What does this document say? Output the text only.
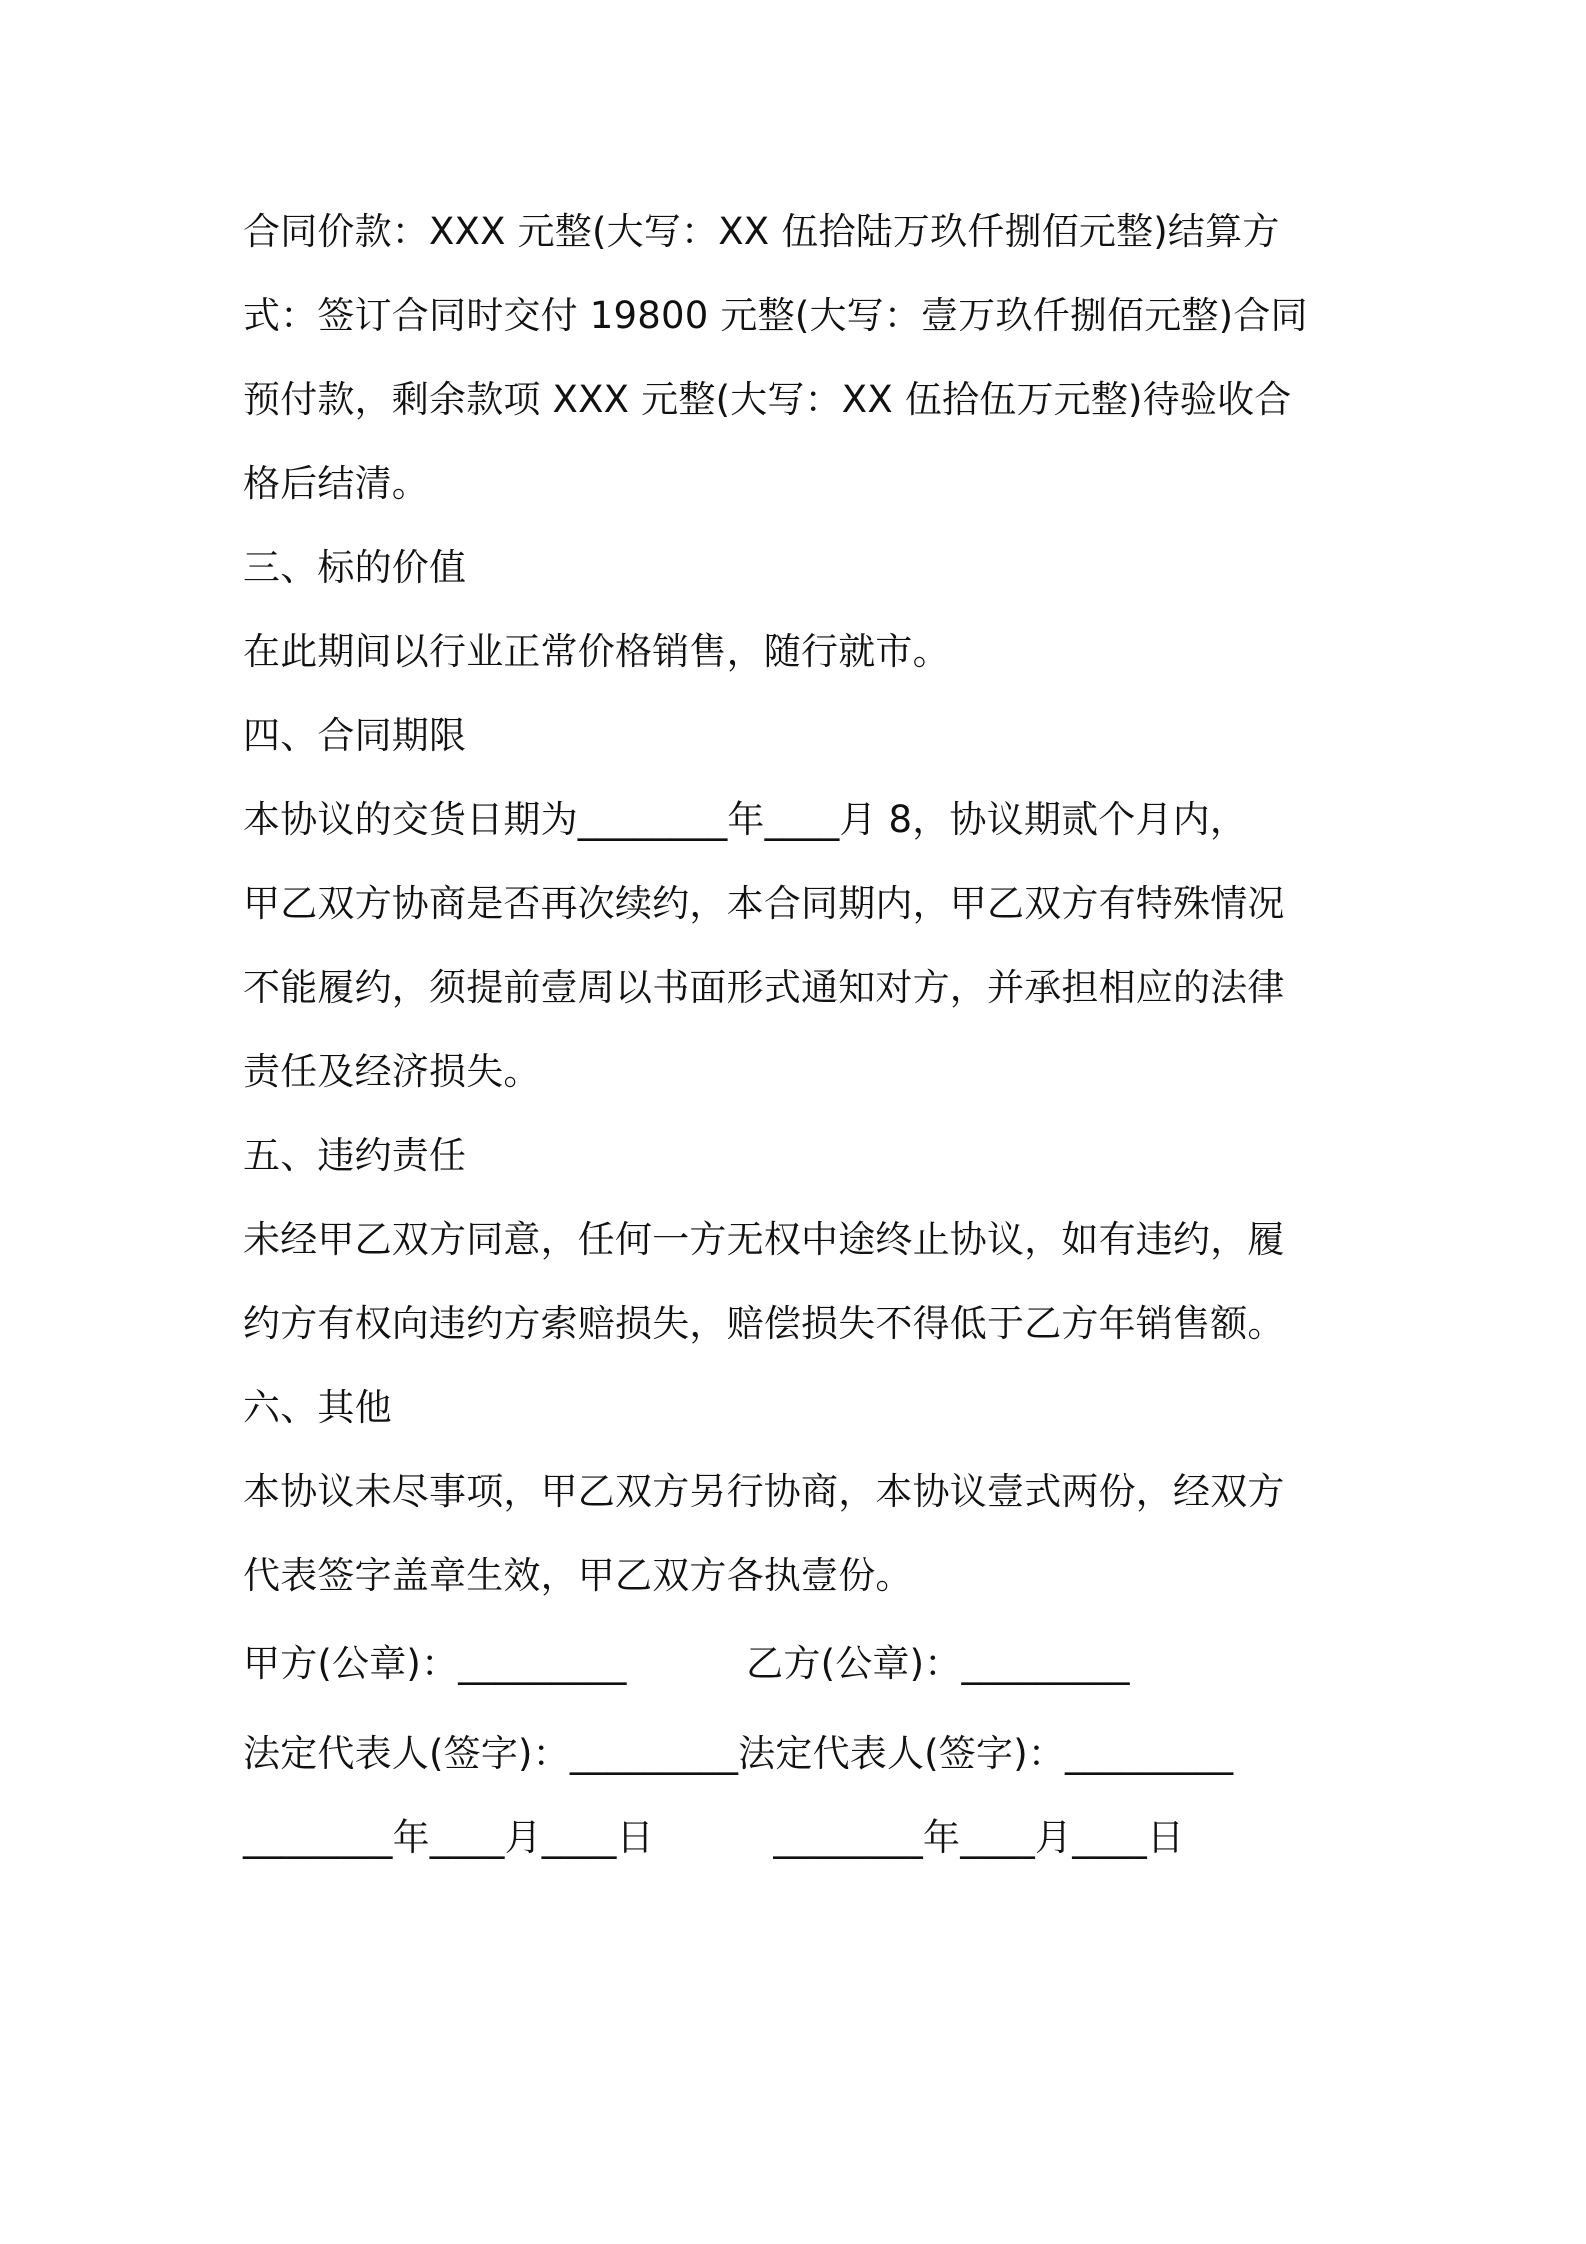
合同价款：XXX 元整(大写：XX 伍拾陆万玖仟捌佰元整)结算方
式：签订合同时交付 19800 元整(大写：壹万玖仟捌佰元整)合同
预付款，剩余款项 XXX 元整(大写：XX 伍拾伍万元整)待验收合
格后结清。
三、标的价值
在此期间以行业正常价格销售，随行就市。
四、合同期限
本协议的交货日期为________年____月 8，协议期贰个月内，
甲乙双方协商是否再次续约，本合同期内，甲乙双方有特殊情况
不能履约，须提前壹周以书面形式通知对方，并承担相应的法律
责任及经济损失。
五、违约责任
未经甲乙双方同意，任何一方无权中途终止协议，如有违约，履
约方有权向违约方索赔损失，赔偿损失不得低于乙方年销售额。
六、其他
本协议未尽事项，甲乙双方另行协商，本协议壹式两份，经双方
代表签字盖章生效，甲乙双方各执壹份。
甲方(公章)：_________          乙方(公章)：_________
法定代表人(签字)：_________法定代表人(签字)：_________
________年____月____日          ________年____月____日
